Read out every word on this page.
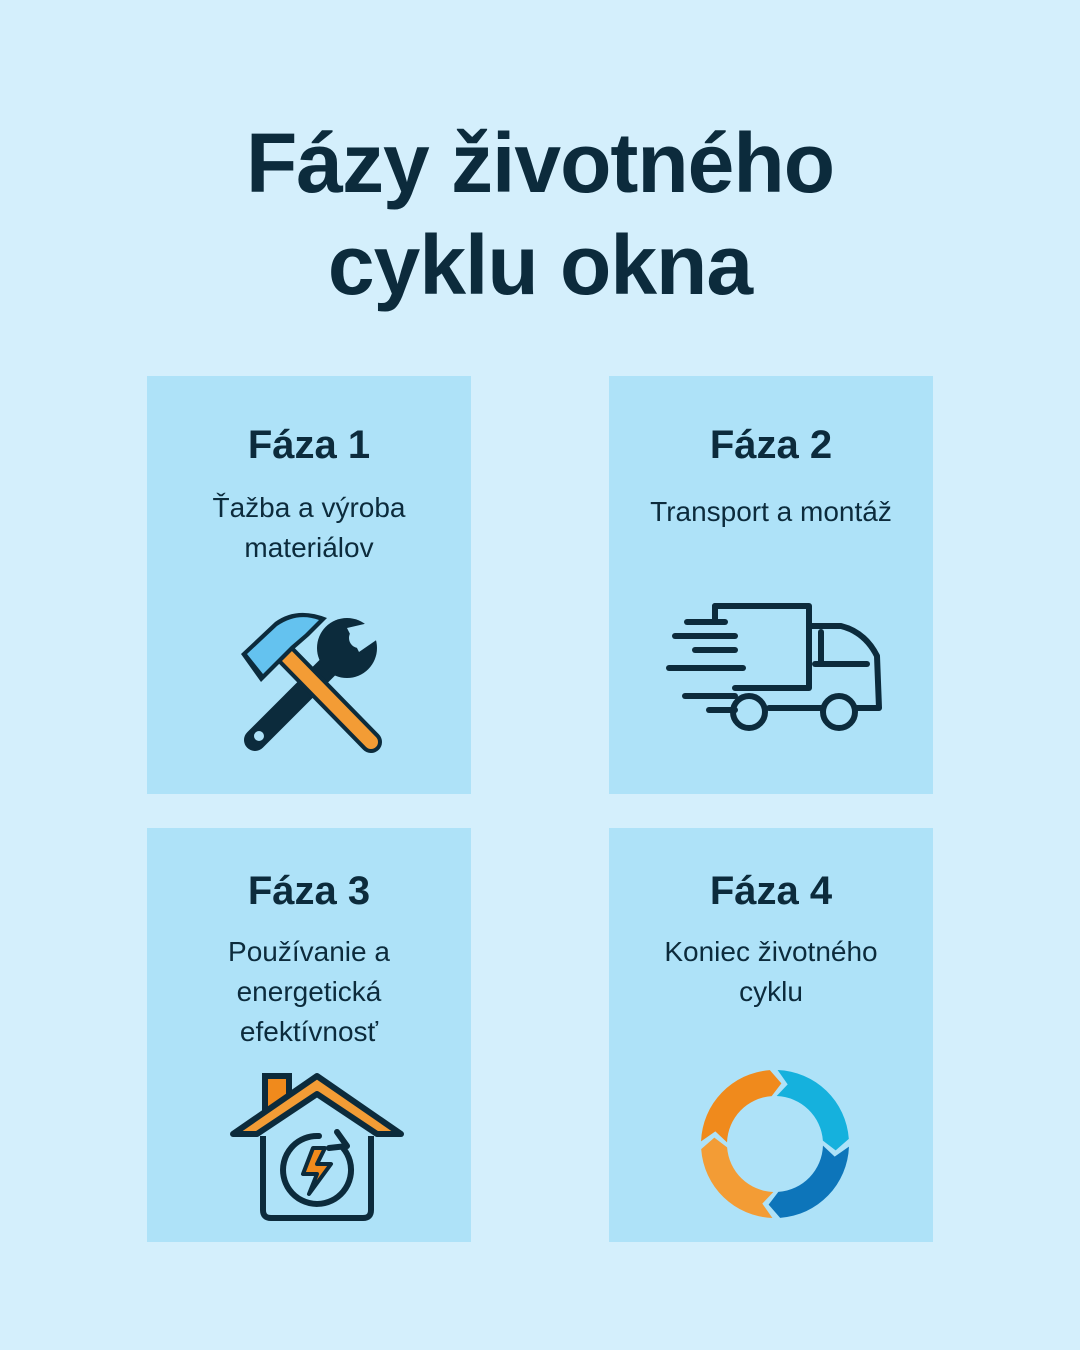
Fázy životného
cyklu okna
Fáza 1
Ťažba a výroba materiálov
Fáza 2
Transport a montáž
Fáza 3
Používanie a energetická efektívnosť
Fáza 4
Koniec životného cyklu
